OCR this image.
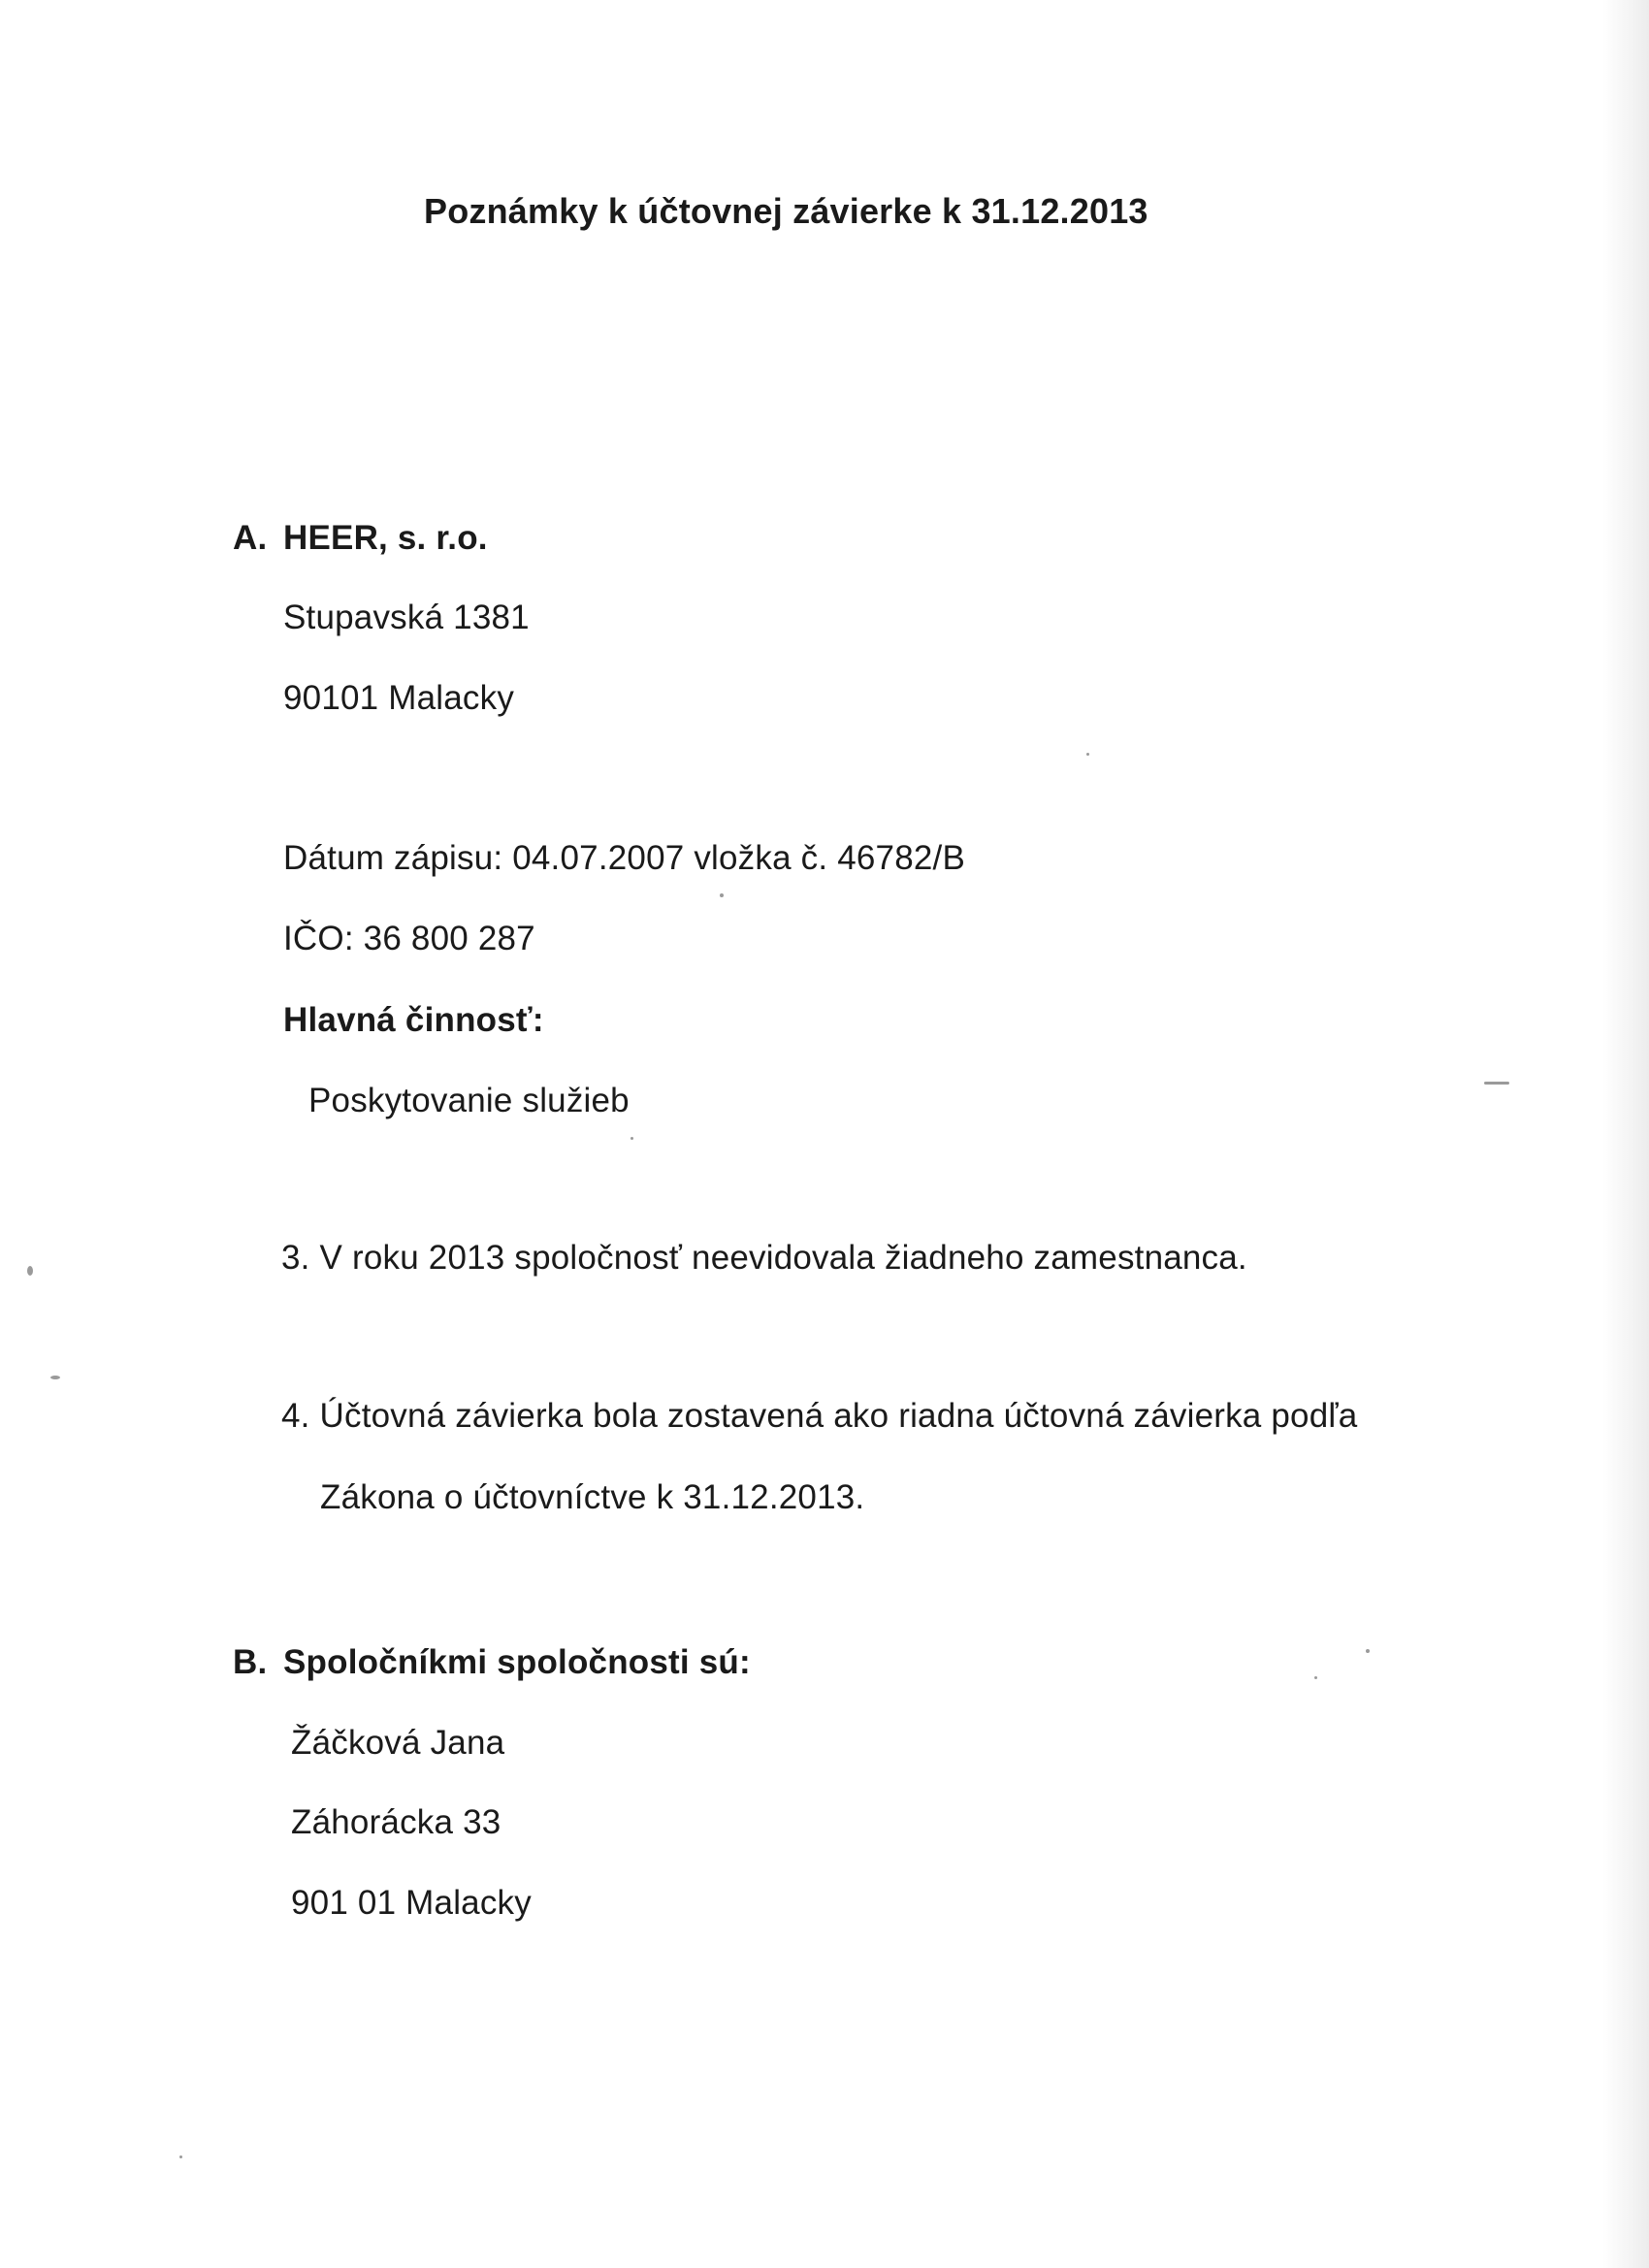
Poznámky k účtovnej závierke k 31.12.2013
A. HEER, s. r.o.
Stupavská 1381
90101 Malacky
Dátum zápisu: 04.07.2007 vložka č. 46782/B
IČO: 36 800 287
Hlavná činnosť:
Poskytovanie služieb
3. V roku 2013 spoločnosť neevidovala žiadneho zamestnanca.
4. Účtovná závierka bola zostavená ako riadna účtovná závierka podľa
Zákona o účtovníctve k 31.12.2013.
B. Spoločníkmi spoločnosti sú:
Žáčková Jana
Záhorácka 33
901 01 Malacky
